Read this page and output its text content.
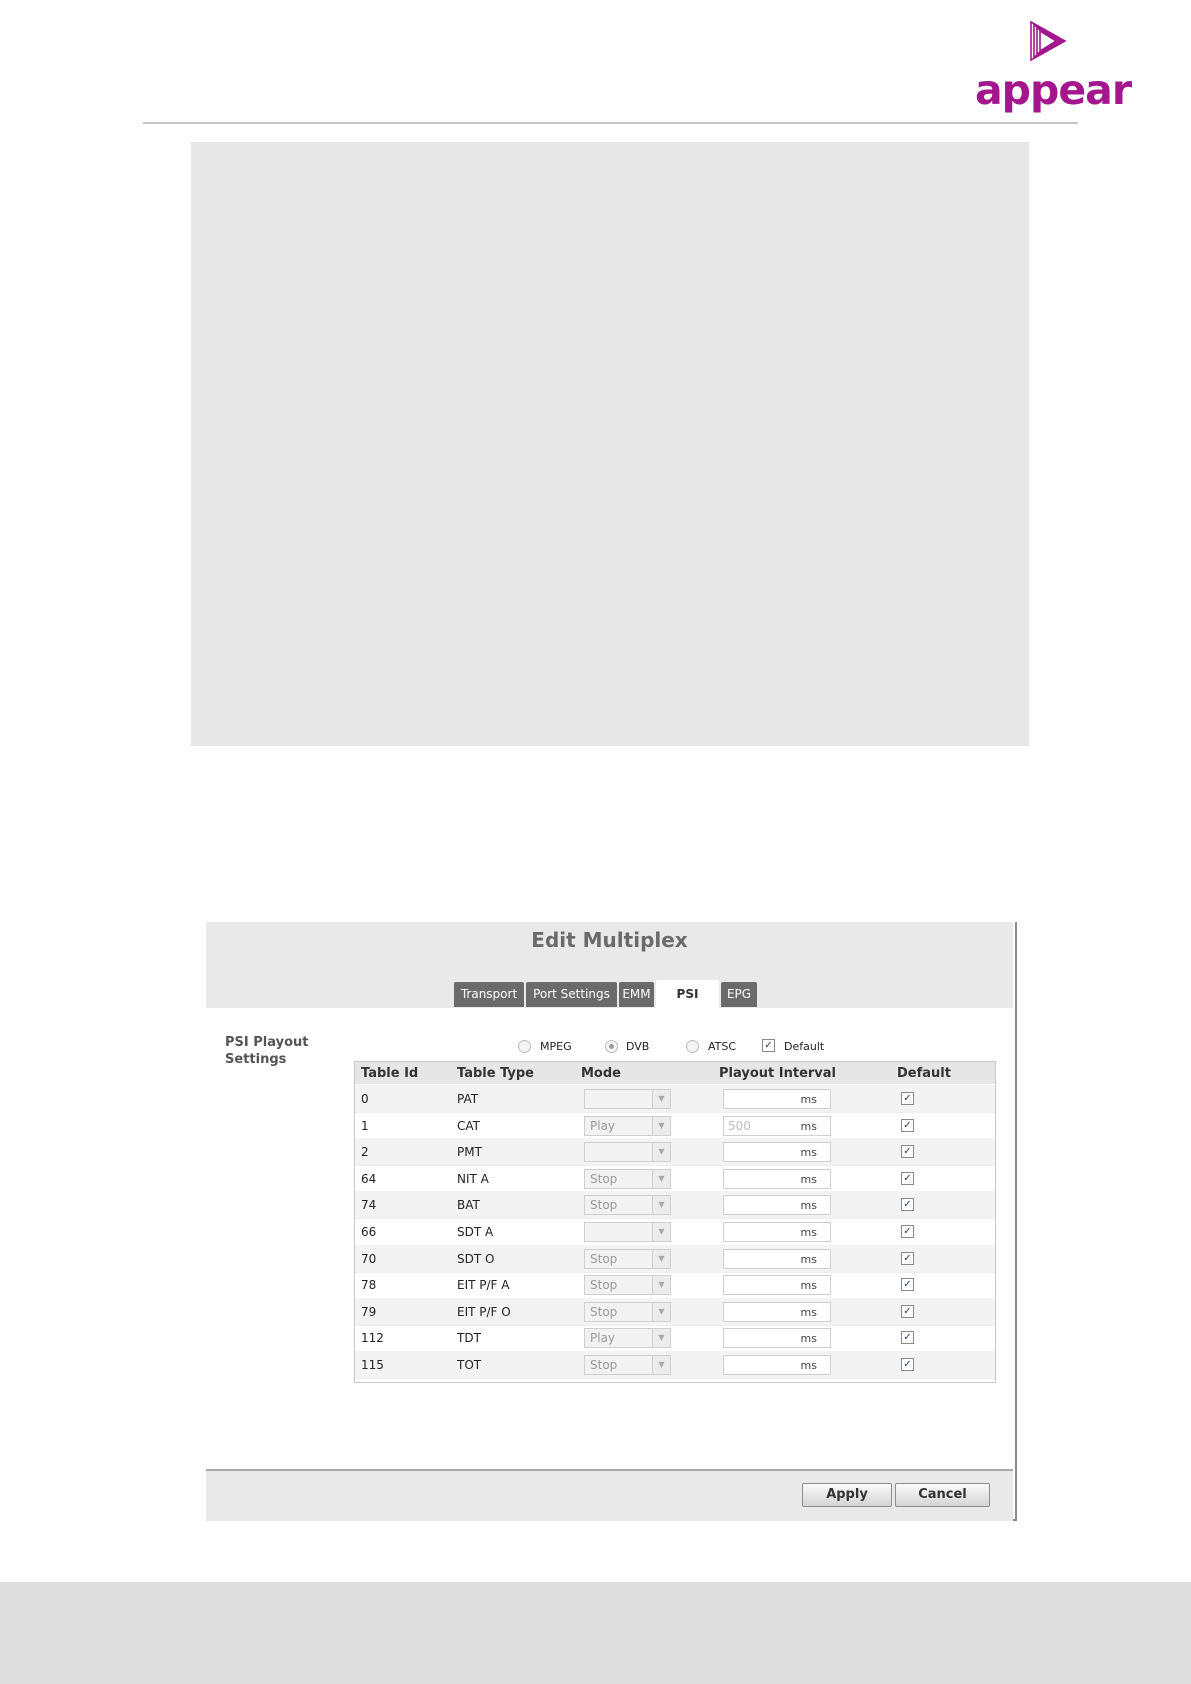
appear
Edit Multiplex
Transport	Port Settings	EMM	PSI	EPG
PSI Playout Settings
MPEG	DVB	ATSC	✓ Default
Table Id	Table Type	Mode	Playout Interval	Default
0	PAT	▼	ms	✓
1	CAT	Play	▼	500	ms	✓
2	PMT	▼	ms	✓
64	NIT A	Stop	▼	ms	✓
74	BAT	Stop	▼	ms	✓
66	SDT A	▼	ms	✓
70	SDT O	Stop	▼	ms	✓
78	EIT P/F A	Stop	▼	ms	✓
79	EIT P/F O	Stop	▼	ms	✓
112	TDT	Play	▼	ms	✓
115	TOT	Stop	▼	ms	✓
Apply	Cancel
